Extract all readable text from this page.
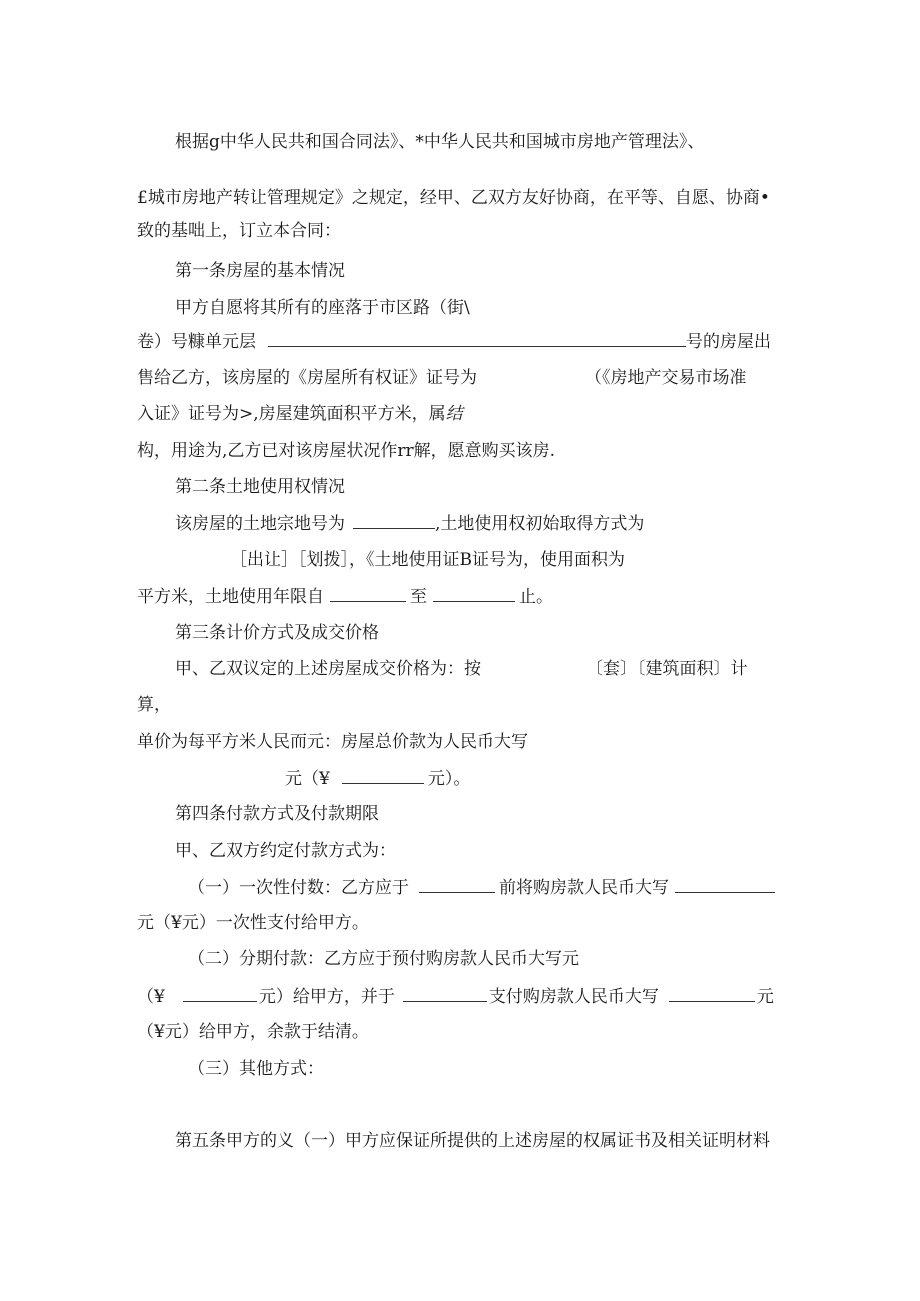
根据g中华人民共和国合同法》、*中华人民共和国城市房地产管理法》、
£城市房地产转让管理规定》之规定，经甲、乙双方友好协商，在平等、自愿、协商•
致的基咄上，订立本合同：
第一条房屋的基本情况
甲方自愿将其所有的座落于市区路（街\
卷）号糠单元层	号的房屋出
售给乙方，该房屋的《房屋所有权证》证号为	（《房地产交易市场准
入证》证号为>,房屋建筑面积平方米，属结
构，用途为,乙方已对该房屋状况作rr解，愿意购买该房.
第二条土地使用权情况
该房屋的土地宗地号为	,土地使用权初始取得方式为
［出让］［划拨］，《土地使用证B证号为，使用面积为
平方米，土地使用年限自	至	止。
第三条计价方式及成交价格
甲、乙双议定的上述房屋成交价格为：按	〔套〕〔建筑面积〕计
算，
单价为每平方米人民而元：房屋总价款为人民币大写
元（¥	元）。
第四条付款方式及付款期限
甲、乙双方约定付款方式为：
（一）一次性付数：乙方应于	前将购房款人民币大写
元（¥元）一次性支付给甲方。
（二）分期付款：乙方应于预付购房款人民币大写元
（¥	元）给甲方，并于	支付购房款人民币大写	元
（¥元）给甲方，余款于结清。
（三）其他方式：
第五条甲方的义（一）甲方应保证所提供的上述房屋的权属证书及相关证明材料
